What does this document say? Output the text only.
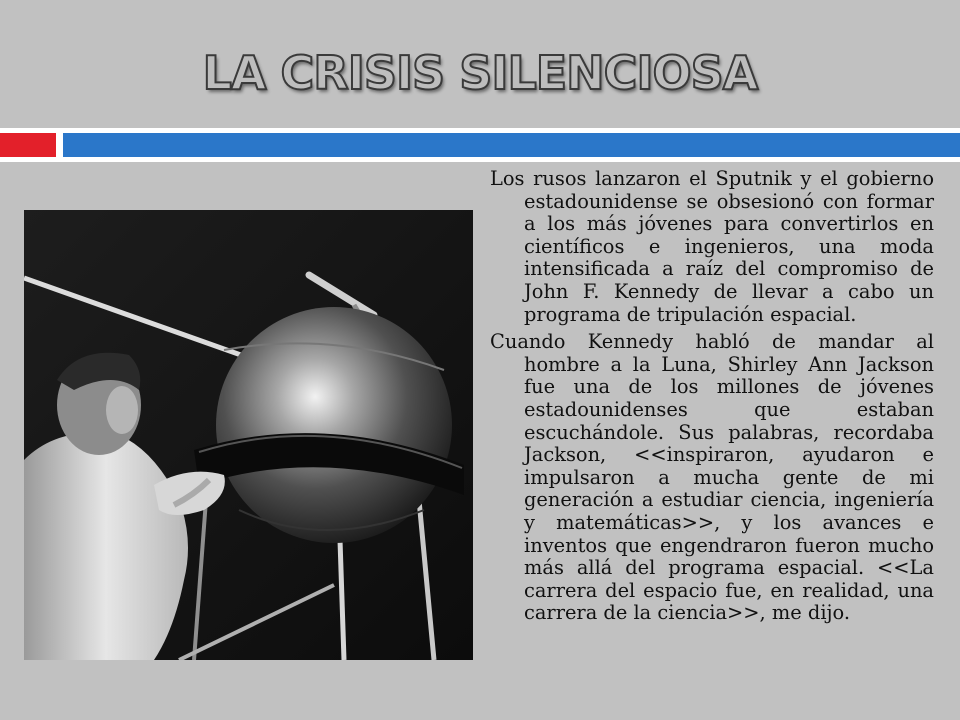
LA CRISIS SILENCIOSA

Los rusos lanzaron el Sputnik y el gobierno estadounidense se obsesionó con formar a los más jóvenes para convertirlos en científicos e ingenieros, una moda intensificada a raíz del compromiso de John F. Kennedy de llevar a cabo un programa de tripulación espacial.

Cuando Kennedy habló de mandar al hombre a la Luna, Shirley Ann Jackson fue una de los millones de jóvenes estadounidenses que estaban escuchándole. Sus palabras, recordaba Jackson, <<inspiraron, ayudaron e impulsaron a mucha gente de mi generación a estudiar ciencia, ingeniería y matemáticas>>, y los avances e inventos que engendraron fueron mucho más allá del programa espacial. <<La carrera del espacio fue, en realidad, una carrera de la ciencia>>, me dijo.
